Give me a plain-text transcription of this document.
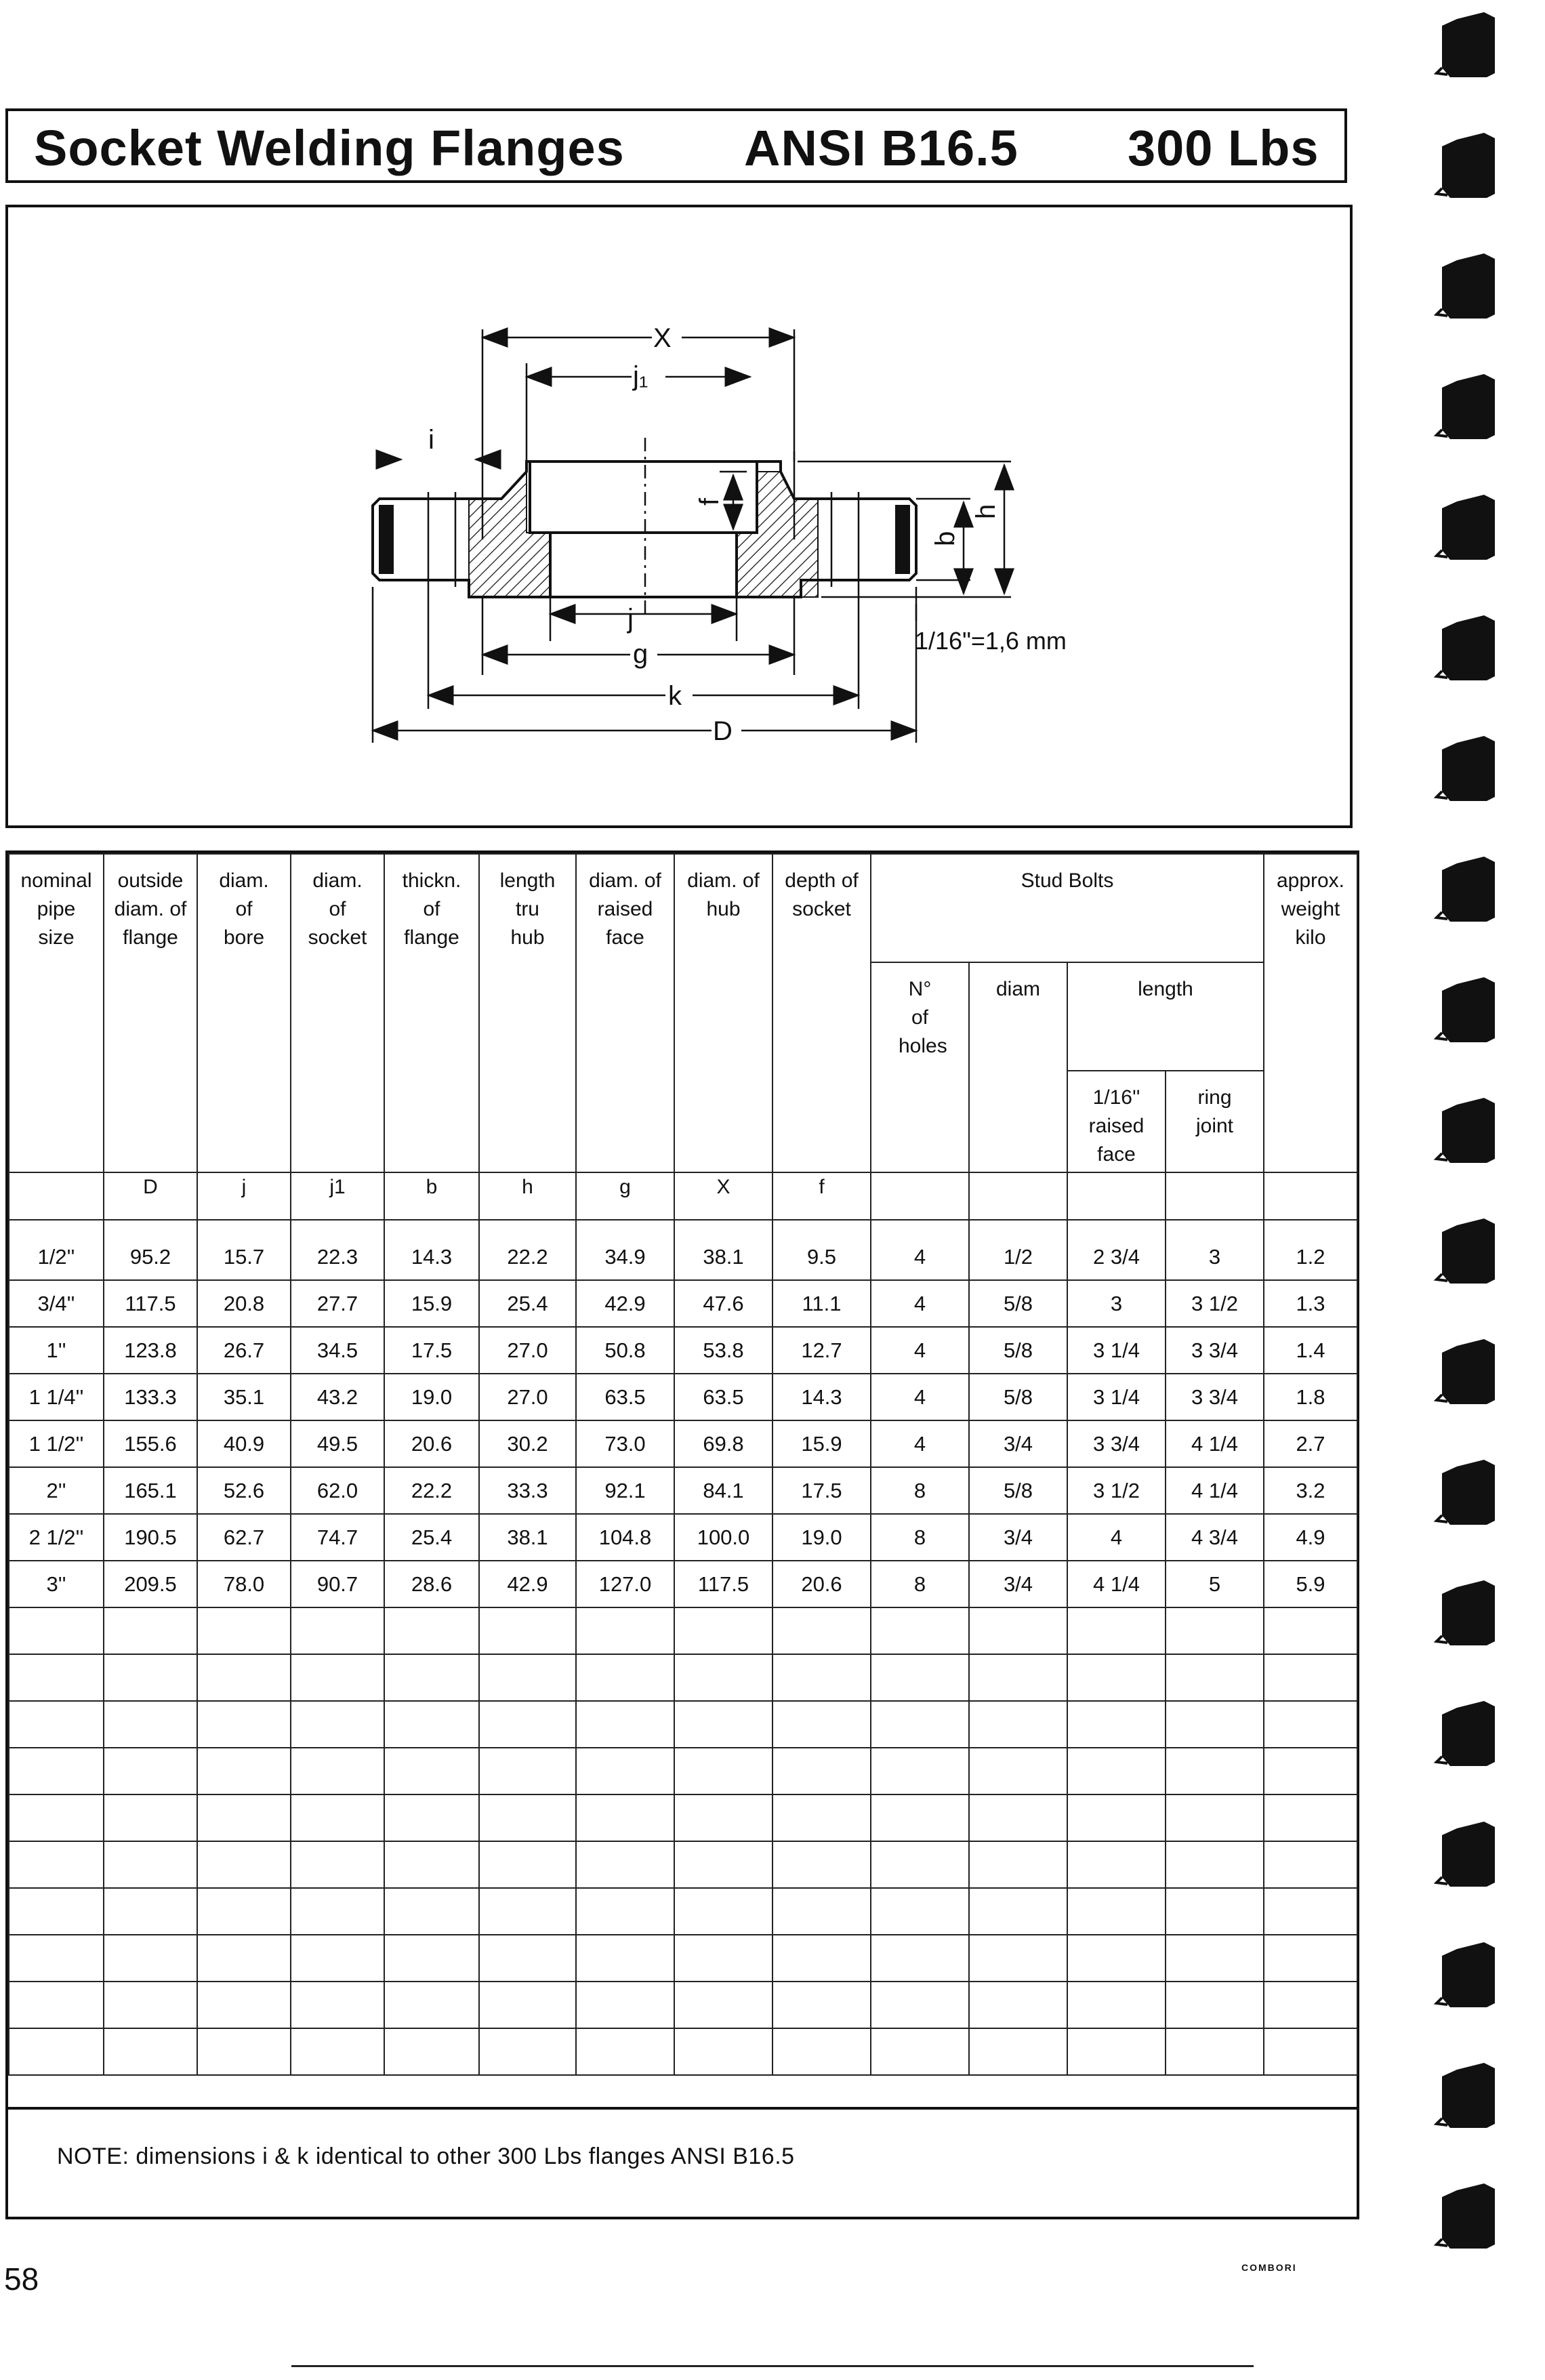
Socket Welding Flanges ANSI B16.5 300 Lbs
X
j₁
i
f
b
h
j
g
k
D
1/16"=1,6 mm
nominal pipe size	outside diam. of flange	diam. of bore	diam. of socket	thickn. of flange	length tru hub	diam. of raised face	diam. of hub	depth of socket	Stud Bolts				approx. weight kilo
									N° of holes	diam	length		
											1/16'' raised face	ring joint	
	D	j	j1	b	h	g	X	f					
1/2''	95.2	15.7	22.3	14.3	22.2	34.9	38.1	9.5	4	1/2	2 3/4	3	1.2
3/4''	117.5	20.8	27.7	15.9	25.4	42.9	47.6	11.1	4	5/8	3	3 1/2	1.3
1''	123.8	26.7	34.5	17.5	27.0	50.8	53.8	12.7	4	5/8	3 1/4	3 3/4	1.4
1 1/4''	133.3	35.1	43.2	19.0	27.0	63.5	63.5	14.3	4	5/8	3 1/4	3 3/4	1.8
1 1/2''	155.6	40.9	49.5	20.6	30.2	73.0	69.8	15.9	4	3/4	3 3/4	4 1/4	2.7
2''	165.1	52.6	62.0	22.2	33.3	92.1	84.1	17.5	8	5/8	3 1/2	4 1/4	3.2
2 1/2''	190.5	62.7	74.7	25.4	38.1	104.8	100.0	19.0	8	3/4	4	4 3/4	4.9
3''	209.5	78.0	90.7	28.6	42.9	127.0	117.5	20.6	8	3/4	4 1/4	5	5.9

NOTE: dimensions i & k identical to other 300 Lbs flanges ANSI B16.5
58	COMBORI
